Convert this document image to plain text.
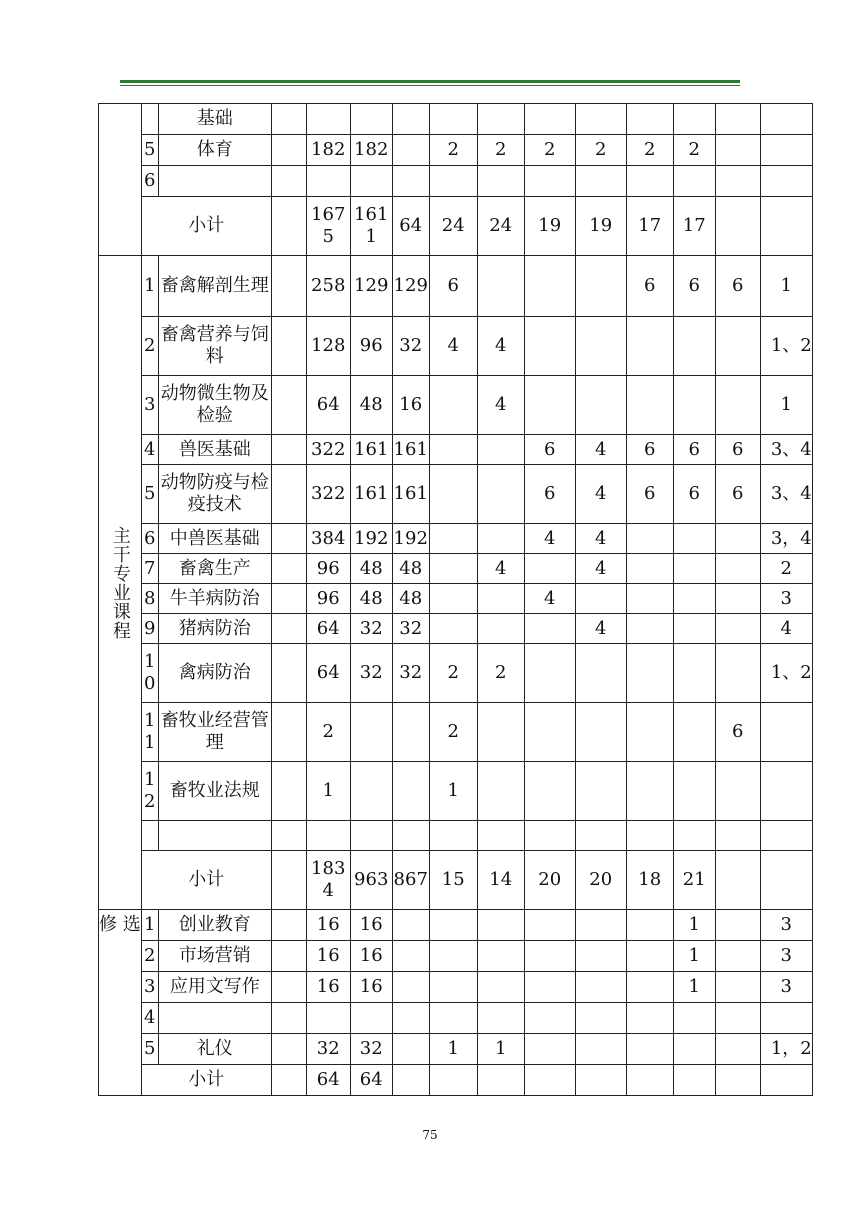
		基础												
	5	体育		182	182		2	2	2	2	2	2		
	6													
	小计			1675	1611	64	24	24	19	19	17	17		
主干专业课程	1	畜禽解剖生理		258	129	129	6				6	6	6	1
	2	畜禽营养与饲料		128	96	32	4	4						1、2
	3	动物微生物及检验		64	48	16		4						1
	4	兽医基础		322	161	161			6	4	6	6	6	3、4
	5	动物防疫与检疫技术		322	161	161			6	4	6	6	6	3、4
	6	中兽医基础		384	192	192			4	4				3，4
	7	畜禽生产		96	48	48		4		4				2
	8	牛羊病防治		96	48	48			4					3
	9	猪病防治		64	32	32				4				4
	10	禽病防治		64	32	32	2	2						1、2
	11	畜牧业经营管理		2			2						6	
	12	畜牧业法规		1			1							

	小计			1834	963	867	15	14	20	20	18	21		
修 选	1	创业教育		16	16							1		3
	2	市场营销		16	16							1		3
	3	应用文写作		16	16							1		3
	4													
	5	礼仪		32	32		1	1						1，2
	小计			64	64									
75
